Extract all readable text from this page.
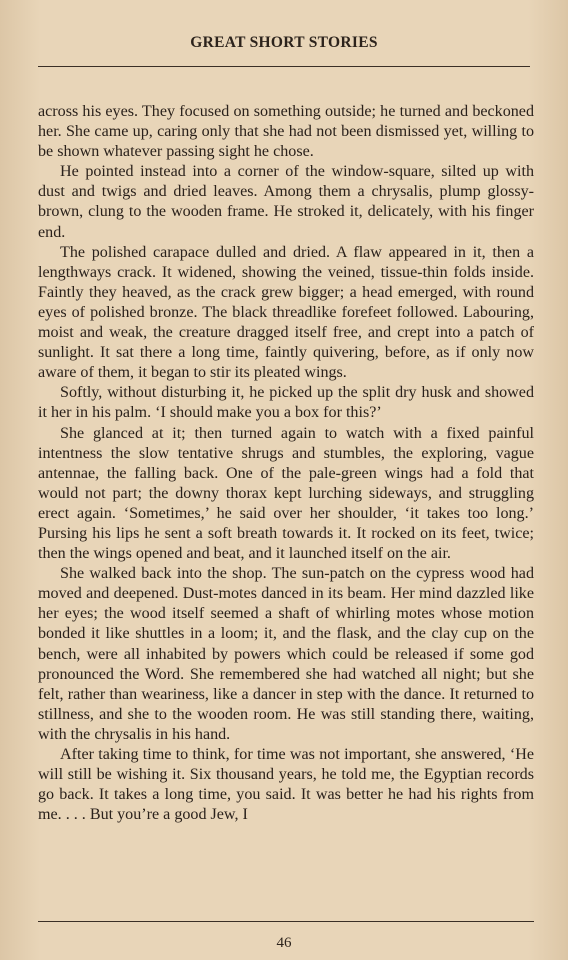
GREAT SHORT STORIES

across his eyes. They focused on something outside; he turned and beckoned her. She came up, caring only that she had not been dismissed yet, willing to be shown whatever passing sight he chose.

He pointed instead into a corner of the window-square, silted up with dust and twigs and dried leaves. Among them a chrysalis, plump glossy-brown, clung to the wooden frame. He stroked it, delicately, with his finger end.

The polished carapace dulled and dried. A flaw appeared in it, then a lengthways crack. It widened, showing the veined, tissue-thin folds inside. Faintly they heaved, as the crack grew bigger; a head emerged, with round eyes of polished bronze. The black threadlike forefeet followed. Labouring, moist and weak, the creature dragged itself free, and crept into a patch of sunlight. It sat there a long time, faintly quivering, before, as if only now aware of them, it began to stir its pleated wings.

Softly, without disturbing it, he picked up the split dry husk and showed it her in his palm. ‘I should make you a box for this?’

She glanced at it; then turned again to watch with a fixed painful intentness the slow tentative shrugs and stumbles, the exploring, vague antennae, the falling back. One of the pale-green wings had a fold that would not part; the downy thorax kept lurching sideways, and struggling erect again. ‘Sometimes,’ he said over her shoulder, ‘it takes too long.’ Pursing his lips he sent a soft breath towards it. It rocked on its feet, twice; then the wings opened and beat, and it launched itself on the air.

She walked back into the shop. The sun-patch on the cypress wood had moved and deepened. Dust-motes danced in its beam. Her mind dazzled like her eyes; the wood itself seemed a shaft of whirling motes whose motion bonded it like shuttles in a loom; it, and the flask, and the clay cup on the bench, were all inhabited by powers which could be released if some god pronounced the Word. She remembered she had watched all night; but she felt, rather than weariness, like a dancer in step with the dance. It returned to stillness, and she to the wooden room. He was still standing there, waiting, with the chrysalis in his hand.

After taking time to think, for time was not important, she answered, ‘He will still be wishing it. Six thousand years, he told me, the Egyptian records go back. It takes a long time, you said. It was better he had his rights from me. . . . But you’re a good Jew, I

46
